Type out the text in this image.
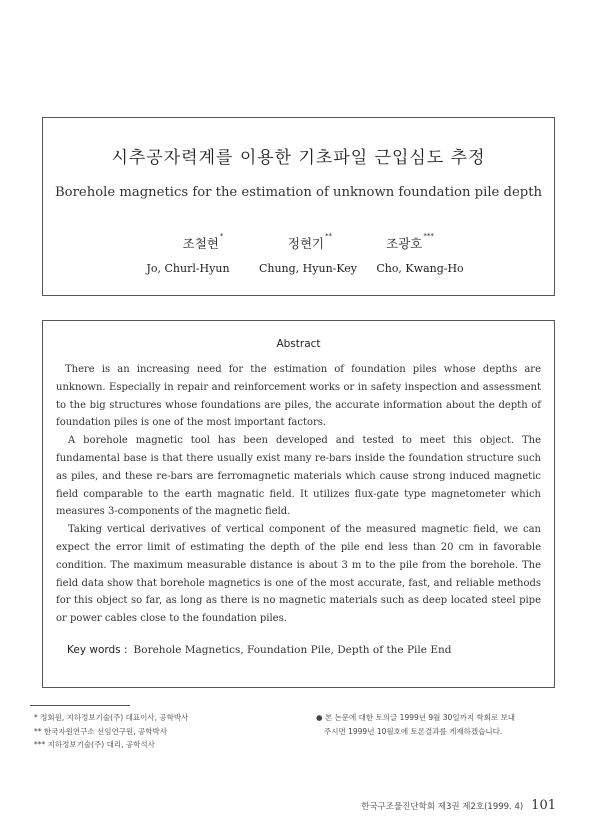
시추공자력계를 이용한 기초파일 근입심도 추정
Borehole magnetics for the estimation of unknown foundation pile depth
조철현*	정현기**	조광호***
Jo, Churl-Hyun	Chung, Hyun-Key	Cho, Kwang-Ho
Abstract

There is an increasing need for the estimation of foundation piles whose depths are unknown. Especially in repair and reinforcement works or in safety inspection and assessment to the big structures whose foundations are piles, the accurate information about the depth of foundation piles is one of the most important factors.

A borehole magnetic tool has been developed and tested to meet this object. The fundamental base is that there usually exist many re-bars inside the foundation structure such as piles, and these re-bars are ferromagnetic materials which cause strong induced magnetic field comparable to the earth magnatic field. It utilizes flux-gate type magnetometer which measures 3-components of the magnetic field.

Taking vertical derivatives of vertical component of the measured magnetic field, we can expect the error limit of estimating the depth of the pile end less than 20 cm in favorable condition. The maximum measurable distance is about 3 m to the pile from the borehole. The field data show that borehole magnetics is one of the most accurate, fast, and reliable methods for this object so far, as long as there is no magnetic materials such as deep located steel pipe or power cables close to the foundation piles.

Key words : Borehole Magnetics, Foundation Pile, Depth of the Pile End
* 정회원, 지하정보기술(주) 대표이사, 공학박사
** 한국자원연구소 선임연구원, 공학박사
*** 지하정보기술(주) 대리, 공학석사
● 본 논문에 대한 토의글 1999년 9월 30일까지 학회로 보내
주시면 1999년 10월호에 토론결과를 게재하겠습니다.
한국구조물진단학회 제3권 제2호(1999. 4) 101
